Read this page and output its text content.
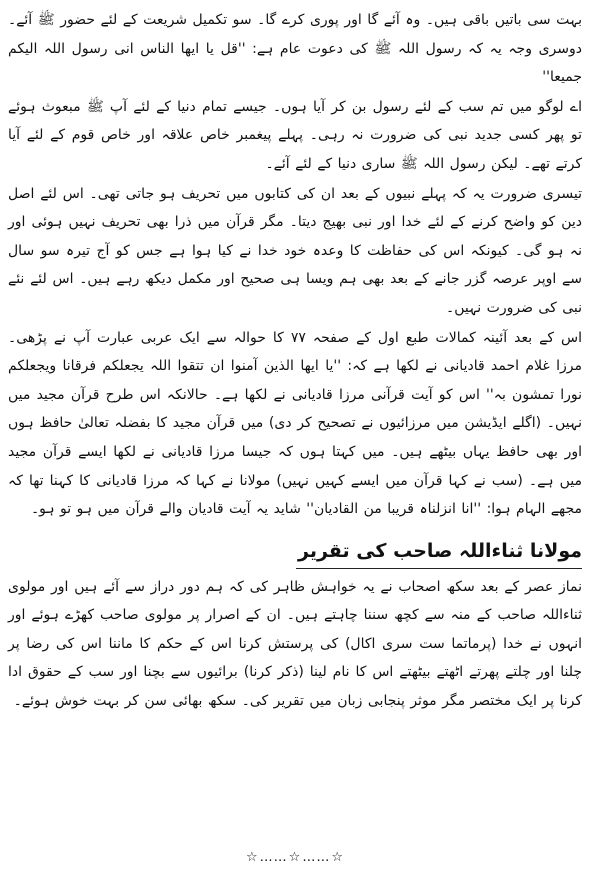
بہت سی باتیں باقی ہیں۔ وہ آئے گا اور پوری کرے گا۔ سو تکمیل شریعت کے لئے حضور ﷺ آئے۔ دوسری وجہ یہ کہ رسول اللہ ﷺ کی دعوت عام ہے: ''قل یا ایھا الناس انی رسول اللہ الیکم جمیعا''

اے لوگو میں تم سب کے لئے رسول بن کر آیا ہوں۔ جیسے تمام دنیا کے لئے آپ ﷺ مبعوث ہوئے تو پھر کسی جدید نبی کی ضرورت نہ رہی۔ پہلے پیغمبر خاص علاقہ اور خاص قوم کے لئے آیا کرتے تھے۔ لیکن رسول اللہ ﷺ ساری دنیا کے لئے آئے۔

تیسری ضرورت یہ کہ پہلے نبیوں کے بعد ان کی کتابوں میں تحریف ہو جاتی تھی۔ اس لئے اصل دین کو واضح کرنے کے لئے خدا اور نبی بھیج دیتا۔ مگر قرآن میں ذرا بھی تحریف نہیں ہوئی اور نہ ہو گی۔ کیونکہ اس کی حفاظت کا وعدہ خود خدا نے کیا ہوا ہے جس کو آج تیرہ سو سال سے اوپر عرصہ گزر جانے کے بعد بھی ہم ویسا ہی صحیح اور مکمل دیکھ رہے ہیں۔ اس لئے نئے نبی کی ضرورت نہیں۔

اس کے بعد آئینہ کمالات طبع اول کے صفحہ ۷۷ کا حوالہ سے ایک عربی عبارت آپ نے پڑھی۔ مرزا غلام احمد قادیانی نے لکھا ہے کہ: ''یا ایھا الذین آمنوا ان تتقوا اللہ یجعلکم فرقانا ویجعلکم نورا تمشون بہ'' اس کو آیت قرآنی مرزا قادیانی نے لکھا ہے۔ حالانکہ اس طرح قرآن مجید میں نہیں۔ (اگلے ایڈیشن میں مرزائیوں نے تصحیح کر دی) میں قرآن مجید کا بفضلہ تعالیٰ حافظ ہوں اور بھی حافظ یہاں بیٹھے ہیں۔ میں کہتا ہوں کہ جیسا مرزا قادیانی نے لکھا ایسے قرآن مجید میں ہے۔ (سب نے کہا قرآن میں ایسے کہیں نہیں) مولانا نے کہا کہ مرزا قادیانی کا کہنا تھا کہ مجھے الہام ہوا: ''انا انزلناہ قریبا من القادیان'' شاید یہ آیت قادیان والے قرآن میں ہو تو ہو۔

مولانا ثناءاللہ صاحب کی تقریر

نماز عصر کے بعد سکھ اصحاب نے یہ خواہش ظاہر کی کہ ہم دور دراز سے آئے ہیں اور مولوی ثناءاللہ صاحب کے منہ سے کچھ سننا چاہتے ہیں۔ ان کے اصرار پر مولوی صاحب کھڑے ہوئے اور انہوں نے خدا (پرماتما ست سری اکال) کی پرستش کرنا اس کے حکم کا ماننا اس کی رضا پر چلنا اور چلتے پھرتے اٹھتے بیٹھتے اس کا نام لینا (ذکر کرنا) برائیوں سے بچنا اور سب کے حقوق ادا کرنا پر ایک مختصر مگر موثر پنجابی زبان میں تقریر کی۔ سکھ بھائی سن کر بہت خوش ہوئے۔

☆……☆……☆
